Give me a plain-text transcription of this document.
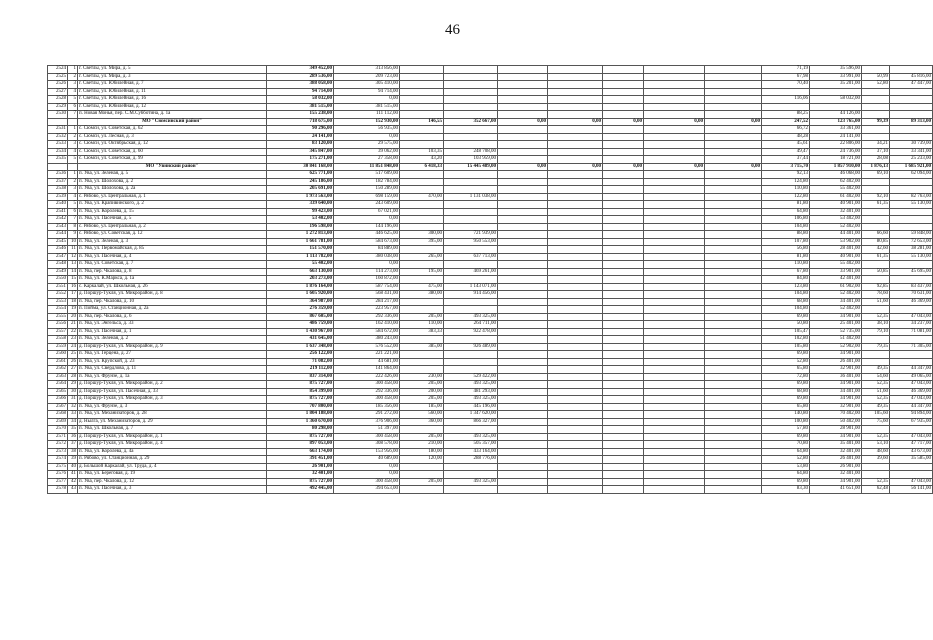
46
2524	1	г. Светлы, ул. Мира, д. 5	349 452,00	313 856,00								71,19	35 596,00		
2525	2	г. Светлы, ул. Мира, д. 3	289 536,00	209 723,00								67,98	33 991,00	50,99	45 816,00
2526	3	г. Светлы, ул. Юбилейная, д. 7	388 058,00	305 410,00								70,40	35 201,00	52,80	47 447,00
2527	4	г. Светлы, ул. Юбилейная, д. 11	94 714,00	94 714,00											
2528	5	г. Светлы, ул. Юбилейная, д. 16	58 032,00	0,00								116,06	58 032,00		
2529	6	г. Светлы, ул. Юбилейная, д. 12	381 515,00	381 515,00											
2530	7	п. Новая Монья, пер. С.М.Субботина, д. 1а	155 238,00	111 112,00								88,25	44 126,00		
		МО "Сюмсинский район"	718 675,00	152 930,00	146,55	352 667,00	0,00	0,00	0,00	0,00	0,00	247,52	123 765,00	99,39	89 313,00
2531	1	с. Сюмси, ул. Советская, д. 62	90 296,00	56 935,00								66,72	33 361,00		
2532	2	с. Сюмси, ул. Лесная, д. 3	24 141,00	0,00								48,28	24 141,00		
2533	3	с. Сюмси, ул. Октябрьская, д. 12	83 120,00	29 575,00								45,61	22 806,00	34,21	30 739,00
2534	4	с. Сюмси, ул. Советская, д. 60	345 847,00	39 062,00	103,35	248 708,00						49,47	24 736,00	37,10	33 341,00
2535	5	с. Сюмси, ул. Советская, д. 99	175 271,00	27 358,00	43,20	103 959,00						37,44	18 721,00	28,08	25 233,00
		МО "Увинский район"	30 841 168,00	11 851 848,00	6 418,33	15 445 489,00	0,00	0,00	0,00	0,00	0,00	3 715,70	1 857 910,00	1 876,13	1 685 921,00
2536	1	п. Ува, ул. Зеленая, д. 5	625 771,00	517 609,00								92,13	46 068,00	69,10	62 094,00
2537	2	п. Ува, ул. Шолохова, д. 2	245 186,00	182 784,00								124,80	62 402,00		
2538	3	п. Ува, ул. Шолохова, д. 2а	205 691,00	150 289,00								110,80	55 402,00		
2539	4	с. Рябово, ул. Центральная, д. 1	1 973 563,00	698 159,00	470,00	1 131 038,00						122,80	61 402,00	92,10	82 763,00
2540	5	п. Ува, ул. Крапивинского, д. 2	339 640,00	243 609,00								81,80	40 901,00	61,35	55 130,00
2541	6	п. Ува, ул. Королева, д. 15	99 423,00	67 021,00								64,80	32 401,00		
2542	7	п. Ува, ул. Пасечная, д. 5	53 402,00	0,00								106,80	53 402,00		
2543	8	с. Рябово, ул. Центральная, д. 2	196 598,00	144 196,00								104,80	52 402,00		
2544	9	с. Рябово, ул. Советская, д. 12	1 272 813,00	446 625,00	300,00	721 939,00						88,80	44 401,00	66,60	59 848,00
2545	10	п. Ува, ул. Зеленая, д. 3	1 661 781,00	584 673,00	395,00	950 553,00						107,80	53 902,00	80,85	72 653,00
2546	11	п. Ува, ул. Первомайская, д. 85	151 570,00	84 889,00								56,80	28 401,00	42,60	38 281,00
2547	12	п. Ува, ул. Пасечная, д. 4	1 113 782,00	380 038,00	265,00	637 713,00						81,80	40 901,00	61,35	55 130,00
2548	13	п. Ува, ул. Советская, д. 7	55 402,00	0,00								110,80	55 402,00		
2549	14	п. Ува, пер. Чкалова, д. 8	663 130,00	114 273,00	195,00	469 261,00						67,80	33 901,00	50,85	45 695,00
2550	15	п. Ува, ул. К.Маркса, д. 1а	203 273,00	160 872,00								84,80	42 401,00		
2551	16	с. Каркалай, ул. Школьная, д. 26	1 876 164,00	587 754,00	475,00	1 143 071,00						123,80	61 902,00	92,85	83 437,00
2552	17	д. Поршур-Тукля, ул. Микрорайон, д. 8	1 605 920,00	568 431,00	380,00	914 456,00						104,80	52 402,00	78,60	70 631,00
2553	18	п. Ува, пер. Чкалова, д. 10	364 987,00	284 217,00								68,80	34 401,00	51,60	46 369,00
2554	19	п. Пойма, ул. Станционная, д. 2а	276 359,00	223 957,00								104,80	52 402,00		
2555	20	п. Ува, пер. Чкалова, д. 6	867 605,00	292 336,00	205,00	493 325,00						69,80	34 901,00	52,35	47 043,00
2556	21	п. Ува, ул. Энгельса, д. 33	486 759,00	162 410,00	110,00	264 711,00						50,80	25 401,00	38,10	34 237,00
2557	22	п. Ува, ул. Пасечная, д. 1	1 430 967,00	584 672,00	383,33	922 478,00						105,47	52 735,00	79,10	71 081,00
2558	23	п. Ува, ул. Зеленая, д. 2	431 645,00	380 243,00								102,80	51 402,00		
2559	24	д. Поршур-Тукля, ул. Микрорайон, д. 9	1 637 348,00	576 552,00	385,00	926 489,00						105,80	52 902,00	79,35	71 305,00
2560	25	п. Ува, ул. Герцена, д. 27	256 122,00	221 221,00								69,80	34 901,00		
2561	26	п. Ува, ул. Крупской, д. 23	71 082,00	44 681,00								52,80	26 401,00		
2562	27	п. Ува, ул. Свердлова, д. 11	219 112,00	141 864,00								65,80	32 901,00	49,35	44 347,00
2563	28	п. Ува, ул. Фрунзе, д. 1а	837 314,00	222 426,00	230,00	529 422,00						72,80	36 401,00	54,60	49 065,00
2564	29	д. Поршур-Тукля, ул. Микрорайон, д. 2	875 727,00	300 458,00	205,00	493 325,00						69,80	34 901,00	52,35	47 043,00
2565	30	д. Поршур-Тукля, ул. Пасечная, д. 33	854 399,00	292 336,00	200,00	481 293,00						68,80	34 401,00	51,60	46 369,00
2566	31	д. Поршур-Тукля, ул. Микрорайон, д. 3	875 727,00	300 458,00	205,00	493 325,00						69,80	34 901,00	52,35	47 043,00
2567	32	п. Ува, ул. Фрунзе, д. 3	707 800,00	185 356,00	185,00	445 196,00						65,80	32 901,00	49,35	44 347,00
2568	33	п. Ува, ул. Механизаторов, д. 28	1 804 188,00	291 272,00	560,00	1 347 620,00						140,80	70 402,00	105,60	94 894,00
2569	34	д. Нылга, ул. Механизаторов, д. 29	1 360 670,00	376 906,00	360,00	866 327,00						100,80	50 402,00	75,60	67 935,00
2570	35	п. Ува, ул. Школьная, д. 7	80 298,00	51 397,00								57,80	28 901,00		
2571	36	д. Поршур-Тукля, ул. Микрорайон, д. 1	875 727,00	300 458,00	205,00	493 325,00						69,80	34 901,00	52,35	47 043,00
2572	37	д. Поршур-Тукля, ул. Микрорайон, д. 4	897 053,00	308 578,00	210,00	505 357,00						70,80	35 401,00	53,10	47 717,00
2573	38	п. Ува, ул. Королева, д. 4а	663 174,00	153 956,00	180,00	433 164,00						64,80	32 401,00	48,60	43 673,00
2574	39	п. Рябово, ул. Станционная, д. 29	391 451,00	40 689,00	120,00	288 776,00						52,80	26 401,00	39,60	35 585,00
2575	40	д. Большой Каркалай, ул. Труда, д. 4	26 901,00	0,00								53,80	26 901,00		
2576	41	п. Ува, ул. Береговая, д. 19	32 401,00	0,00								64,80	32 401,00		
2577	42	п. Ува, пер. Чкалова, д. 12	875 727,00	300 458,00	205,00	493 325,00						69,80	34 901,00	52,35	47 043,00
2578	43	п. Ува, ул. Пасечная, д. 3	492 445,00	394 653,00								83,30	41 651,00	62,48	56 141,00
